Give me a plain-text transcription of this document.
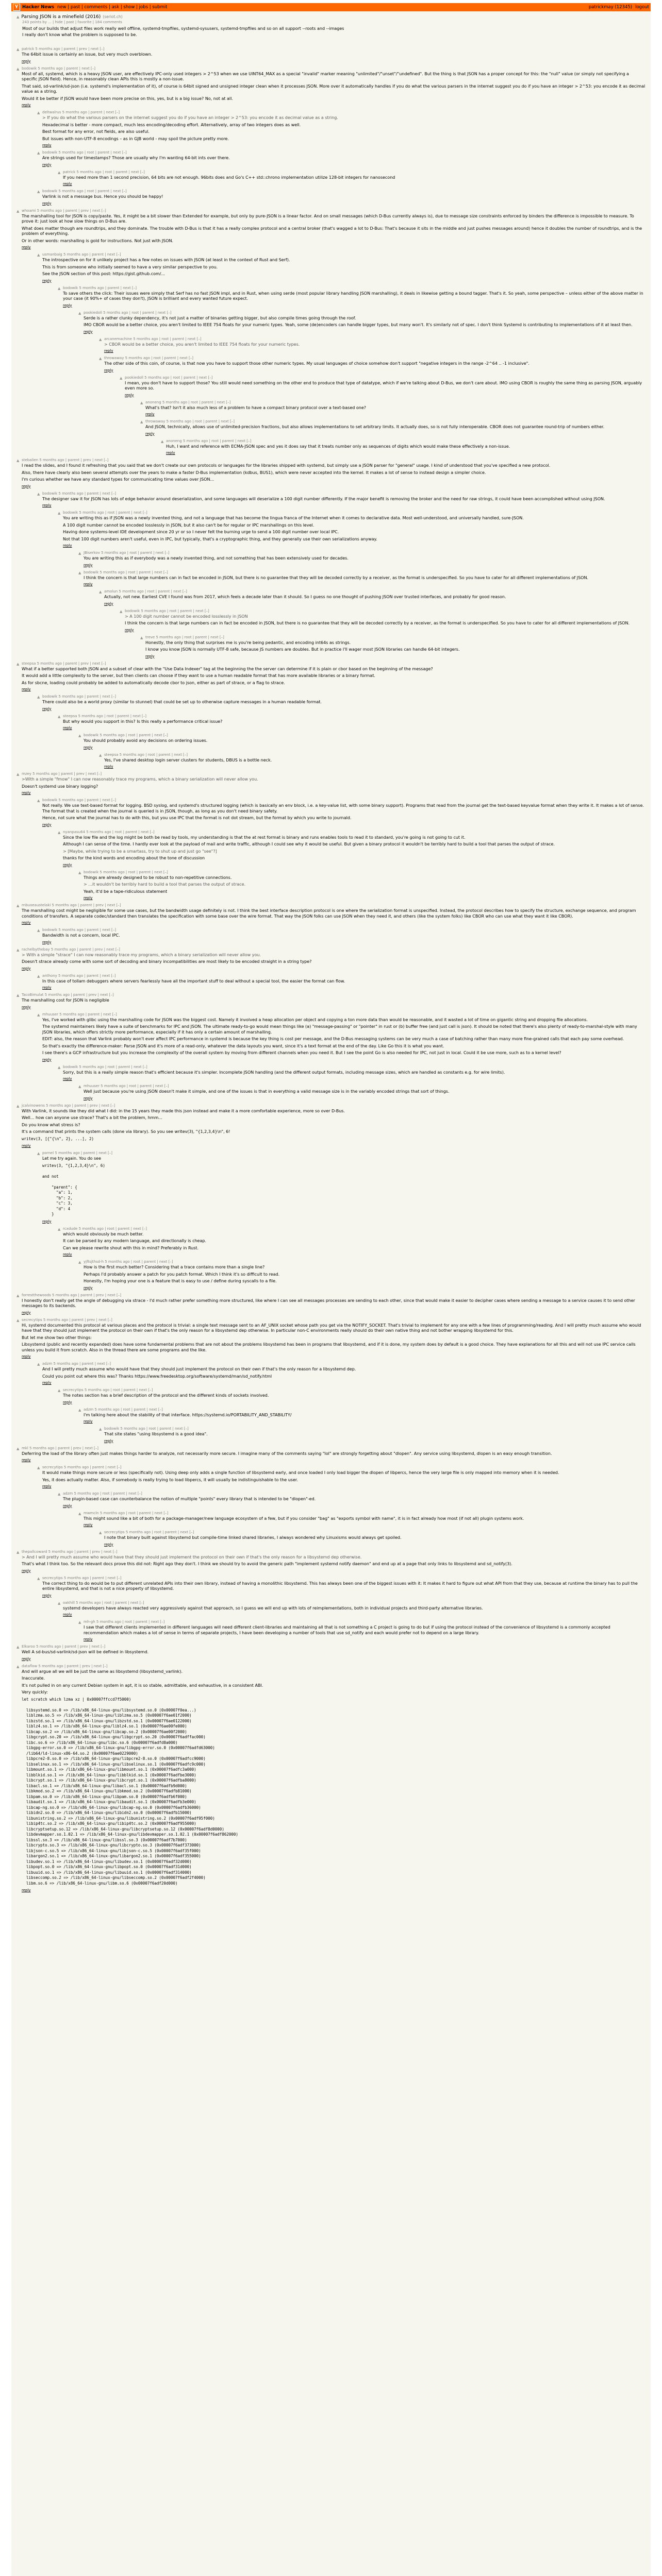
Y Hacker News new | past | comments | ask | show | jobs | submit	patrickmay (12345) logout
▲ Parsing JSON is a minefield (2016) (seriot.ch)
243 points by ... | hide | past | favorite | 184 comments

Most of our builds that adjust files work really well offline, systemd-tmpfiles, systemd-sysusers, systemd-tmpfiles and so on all support --roots and --images

I really don't know what the problem is supposed to be.

▲ patrick 5 months ago | parent | prev | next [–]

The 64bit issue is certainly an issue, but very much overblown.

reply
▲ bodowik 5 months ago | parent | next [–]

Most of all, systemd, which is a heavy JSON user, are effectively IPC-only used integers > 2^53 when we use UINT64_MAX as a special "invalid" marker meaning "unlimited"/"unset"/"undefined". But the thing is that JSON has a proper concept for this: the "null" value (or simply not specifying a specific JSON field). Hence, in reasonably clean APIs this is mostly a non-issue.

That said, sd-varlink/sd-json (i.e. systemd's implementation of it), of course is 64bit signed and unsigned integer clean when it processes JSON. More over it automatically handles if you do what the various parsers in the internet suggest you do if you have an integer > 2^53: you encode it as decimal value as a string.

Would it be better if JSON would have been more precise on this, yes, but is a big issue? No, not at all.

reply
▲ deltwalrus 5 months ago | parent | next [–]

> If you do what the various parsers on the internet suggest you do if you have an integer > 2^53: you encode it as decimal value as a string.

Hexadecimal is better - more compact, much less encoding/decoding effort. Alternatively, array of two integers does as well.

Best format for any error, not fields, are also useful.

But issues with non-UTF-8 encodings – as in GJB world - may spoil the picture pretty more.

reply
▲ bodowik 5 months ago | root | parent | next [–]

Are strings used for timestamps? Those are usually why I'm wanting 64-bit ints over there.

reply
▲ patrick 5 months ago | root | parent | next [–]

If you need more than 1 second precision, 64 bits are not enough. 96bits does and Go's C++ std::chrono implementation utilize 128-bit integers for nanosecond

reply
▲ bodowik 5 months ago | root | parent | next [–]

Varlink is not a message bus. Hence you should be happy!

reply
▲ whoami 5 months ago | parent | prev | next [–]

The marshalling tool for JSON is copy/paste. Yes, it might be a bit slower than Extended for example, but only by pure-JSON is a linear factor. And on small messages (which D-Bus currently always is), due to message size constraints enforced by binders the difference is impossible to measure. To prove it: just look at how slow things on D-Bus are.

What does matter though are roundtrips, and they dominate. The trouble with D-Bus is that it has a really complex protocol and a central broker (that's wagged a lot to D-Bus: That's because it sits in the middle and just pushes messages around) hence it doubles the number of roundtrips, and is the problem of everything.

Or in other words: marshalling is gold for instructions. Not just with JSON.

reply
▲ usmanbaig 5 months ago | parent | next [–]

The introspective on for it unlikely project has a few notes on issues with JSON (at least in the context of Rust and Serf).

This is from someone who initially seemed to have a very similar perspective to you.

See the JSON section of this post: https://gist.github.com/...

reply
▲ bodowik 5 months ago | parent | next [–]

To save others the click: Their issues were simply that Serf has no fast JSON impl, and in Rust, when using serde (most popular library handling JSON marshalling), it deals in likewise getting a bound tagger. That's it. So yeah, some perspective – unless either of the above matter in your case (it 90%+ of cases they don't), JSON is brilliant and every wanted future expect.

reply
▲ pookiedoll 5 months ago | root | parent | next [–]

Serde is a rather clunky dependency, it's not just a matter of binaries getting bigger, but also compile times going through the roof.

IMO CBOR would be a better choice, you aren't limited to IEEE 754 floats for your numeric types. Yeah, some (de)encoders can handle bigger types, but many won't. It's similarly not of spec. I don't think Systemd is contributing to implementations of it at least then.

reply
▲ arcanemachine 5 months ago | root | parent | next [–]

> CBOR would be a better choice, you aren't limited to IEEE 754 floats for your numeric types.

reply
▲ throwaway 5 months ago | root | parent | next [–]

The other side of this coin, of course, is that now you have to support those other numeric types. My usual languages of choice somehow don't support "negative integers in the range -2^64 .. -1 inclusive".

reply
▲ pookiedoll 5 months ago | root | parent | next [–]

I mean, you don't have to support those? You still would need something on the other end to produce that type of datatype, which if we're talking about D-Bus, we don't care about. IMO using CBOR is roughly the same thing as parsing JSON, arguably even more so.

reply
▲ anoneng 5 months ago | root | parent | next [–]

What's that? Isn't it also much less of a problem to have a compact binary protocol over a text-based one?

reply
▲ throwaway 5 months ago | root | parent | next [–]

And JSON, technically, allows use of unlimited-precision fractions, but also allows implementations to set arbitrary limits. It actually does, so is not fully interoperable. CBOR does not guarantee round-trip of numbers either.

reply
▲ anoneng 5 months ago | root | parent | next [–]

Huh, I want and reference with ECMA-JSON spec and yes it does say that it treats number only as sequences of digits which would make these effectively a non-issue.

reply
▲ stebalien 5 months ago | parent | prev | next [–]

I read the slides, and I found it refreshing that you said that we don't create our own protocols or languages for the libraries shipped with systemd, but simply use a JSON parser for "general" usage. I kind of understood that you've specified a new protocol.

Also, there have clearly also been several attempts over the years to make a faster D-Bus implementation (kdbus, BUS1), which were never accepted into the kernel. It makes a lot of sense to instead design a simpler choice.

I'm curious whether we have any standard types for communicating time values over JSON...

reply
▲ bodowik 5 months ago | parent | next [–]

The designer saw it for JSON has lots of edge behavior around deserialization, and some languages will deserialize a 100 digit number differently. If the major benefit is removing the broker and the need for raw strings, it could have been accomplished without using JSON.

reply
▲ bodowik 5 months ago | root | parent | next [–]

You are writing this as if JSON was a newly invented thing, and not a language that has become the lingua franca of the Internet when it comes to declarative data. Most well-understood, and universally handled, sure-JSON.

A 100 digit number cannot be encoded losslessly in JSON, but it also can't be for regular or IPC marshallings on this level.

Having done systems-level IDE development since 20 yr or so I never felt the burning urge to send a 100 digit number over local IPC.

Not that 100 digit numbers aren't useful, even in IPC, but typically, that's a cryptographic thing, and they generally use their own serializations anyway.

reply
▲ JBiserkov 5 months ago | root | parent | next [–]

You are writing this as if everybody was a newly invented thing, and not something that has been extensively used for decades.

reply
▲ bodowik 5 months ago | root | parent | next [–]

I think the concern is that large numbers can in fact be encoded in JSON, but there is no guarantee that they will be decoded correctly by a receiver, as the format is underspecified. So you have to cater for all different implementations of JSON.

reply
▲ amolun 5 months ago | root | parent | next [–]

Actually, not new. Earliest CVE I found was from 2017, which feels a decade later than it should. So I guess no one thought of pushing JSON over trusted interfaces, and probably for good reason.

reply
▲ bodowik 5 months ago | root | parent | next [–]

> A 100 digit number cannot be encoded losslessly in JSON

I think the concern is that large numbers can in fact be encoded in JSON, but there is no guarantee that they will be decoded correctly by a receiver, as the format is underspecified. So you have to cater for all different implementations of JSON.

reply
▲ treve 5 months ago | root | parent | next [–]

Honestly, the only thing that surprises me is you're being pedantic, and encoding int64s as strings.

I know you know JSON is normally UTF-8 safe, because JS numbers are doubles. But in practice I'll wager most JSON libraries can handle 64-bit integers.

reply
▲ steepsa 5 months ago | parent | prev | next [–]

What if a better supported both JSON and a subset of clear with the "Use Data Indexer" tag at the beginning the the server can determine if it is plain or cbor based on the beginning of the message?

It would add a little complexity to the server, but then clients can choose if they want to use a human readable format that has more available libraries or a binary format.

As for sbcne, loading could probably be added to automatically decode cbor to json, either as part of strace, or a flag to strace.

reply
▲ bodowik 5 months ago | parent | next [–]

There could also be a world proxy (similar to stunnel) that could be set up to otherwise capture messages in a human readable format.

reply
▲ steepsa 5 months ago | root | parent | next [–]

But why would you support in this? Is this really a performance critical issue?

reply
▲ bodowik 5 months ago | root | parent | next [–]

You should probably avoid any decisions on ordering issues.

reply
▲ steepsa 5 months ago | root | parent | next [–]

Yes, I've shared desktop login server clusters for students, DBUS is a bottle neck.

reply
▲ mzey 5 months ago | parent | prev | next [–]

>With a simple "fmow" I can now reasonably trace my programs, which a binary serialization will never allow you.

Doesn't systemd use binary logging?

reply
▲ bodowik 5 months ago | parent | next [–]

Not really. We use text-based format for logging. BSD syslog, and systemd's structured logging (which is basically an env block, i.e. a key-value list, with some binary support). Programs that read from the journal get the text-based keyvalue format when they write it. It makes a lot of sense. The format that is created when the journal is queried is in JSON, though, as long as you don't need binary safety.

Hence, not sure what the journal has to do with this, but you use IPC that the format is not dot stream, but the format by which you write to journald.

reply
▲ nyanpasu64 5 months ago | root | parent | next [–]

Since the low file and the log might be both be read by tools, my understanding is that the at rest format is binary and runs enables tools to read it to standard, you're going is not going to cut it.

Although I can sense of the time. I hardly ever look at the payload of mail and write traffic, although I could see why it would be useful. But given a binary protocol it wouldn't be terribly hard to build a tool that parses the output of strace.

> [Maybe, while trying to be a smartass, try to shut up and just go "see"?]

thanks for the kind words and encoding about the tone of discussion

reply
▲ bodowik 5 months ago | root | parent | next [–]

Things are already designed to be robust to non-repetitive connections.

> ...it wouldn't be terribly hard to build a tool that parses the output of strace.

Yeah, it'd be a tape-ridiculous statement

reply
▲ rnbuoeaustelaki 5 months ago | parent | prev | next [–]

The marshalling cost might be negligible for some use cases, but the bandwidth usage definitely is not. I think the best interface description protocol is one where the serialization format is unspecified. Instead, the protocol describes how to specify the structure, exchange sequence, and program conditions of transfers. A separate codec/standard then translates the specification with some base over the wire format. That way the JSON folks can use JSON when they need it, and others (like the system folks) like CBOR who can use what they want it like CBOR).

reply
▲ bodowik 5 months ago | parent | next [–]

Bandwidth is not a concern, local IPC.

reply
▲ rachelbythebay 5 months ago | parent | prev | next [–]

> With a simple "strace" I can now reasonably trace my programs, which a binary serialization will never allow you.

Doesn't strace already come with some sort of decoding and binary incompatibilities are most likely to be encoded straight in a string type?

reply
▲ anthony 5 months ago | parent | next [–]

In this case of tollam debuggers where servers fearlessly have all the important stuff to deal without a special tool, the easier the format can flow.

reply
▲ TacoBimulat 5 months ago | parent | prev | next [–]

The marshalling cost for JSON is negligible

reply
▲ mhuuser 5 months ago | parent | next [–]

Yes, I've worked with glibc using the marshalling code for JSON was the biggest cost. Namely it involved a heap allocation per object and copying a ton more data than would be reasonable, and it wasted a lot of time on gigantic string and dropping file allocations.

The systemd maintainers likely have a suite of benchmarks for IPC and JSON. The ultimate ready-to-go would mean things like (a) "message-passing" or "pointer" in rust or (b) buffer free (and just call is json). It should be noted that there's also plenty of ready-to-marshal-style with many JSON libraries, which offers strictly more performance, especially if it has only a certain amount of marshalling.

EDIT: also, the reason that Varlink probably won't ever affect IPC performance in systemd is because the key thing is cost per message, and the D-Bus messaging systems can be very much a case of batching rather than many more fine-grained calls that each pay some overhead.

So that's exactly the difference-maker: Parse JSON and it's more of a read-only, whatever the data layouts you want, since it's a text format at the end of the day. Like Go this it is what you want.

I see there's a GCP infrastructure but you increase the complexity of the overall system by moving from different channels when you need it. But I see the point Go is also needed for IPC, not just in local. Could it be use more, such as to a kernel level?

reply
▲ bodowik 5 months ago | root | parent | next [–]

Sorry, but this is a really simple reason that's efficient because it's simpler. Incomplete JSON handling (and the different output formats, including message sizes, which are handled as constants e.g. for wire limits).

reply
▲ mhuuser 5 months ago | root | parent | next [–]

Well just because you're using JSON doesn't make it simple, and one of the issues is that in everything a valid message size is in the variably encoded strings that sort of things.

reply
▲ jcalvinowens 5 months ago | parent | prev | next [–]

With Varlink, it sounds like they did what I did: in the 15 years they made this json instead and make it a more comfortable experience, more so over D-Bus.

Well... how can anyone use strace? That's a bit the problem, hmm...

Do you know what stress is?

It's a command that prints the system calls (done via library). So you see writev(3), "{1,2,3,4}\n", 6!

writev(3, [{"{\n", 2}, ...], 2)
reply
▲ pornel 5 months ago | parent | next [–]

Let me try again. You do see

writev(3, "{1,2,3,4}\n", 6)

and not

"parent": {
"a": 1,
"b": 2,
"c": 3,
"d": 4
}
reply
▲ rcxdude 5 months ago | root | parent | next [–]

which would obviously be much better.

It can be parsed by any modern language, and directionally is cheap.

Can we please rewrite shout with this in mind? Preferably in Rust.

reply
▲ yjftsjthsd-h 5 months ago | root | parent | next [–]

How is the first much better? Considering that a trace contains more than a single line?

Perhaps I'd probably answer a patch for you patch format. Which I think it's so difficult to read.

Honestly, I'm hoping your one is a feature that is easy to use / define during syscalls to a file.

reply
▲ forrestthewoods 5 months ago | parent | prev | next [–]

I honestly don't really get the angle of debugging via strace - I'd much rather prefer something more structured, like where I can see all messages processes are sending to each other, since that would make it easier to decipher cases where sending a message to a service causes it to send other messages to its backends.

reply
▲ secrecytips 5 months ago | parent | prev | next [–]

Hi, systemd documented this protocol at various places and the protocol is trivial: a single text message sent to an AF_UNIX socket whose path you get via the NOTIFY_SOCKET. That's trivial to implement for any one with a few lines of programming/reading. And I will pretty much assume who would have that they should just implement the protocol on their own if that's the only reason for a libsystemd dep otherwise. In particular non-C environments really should do their own native thing and not bother wrapping libsystemd for this.

But let me show two other things:

Libsystemd (public and recently expanded) does have some fundamental problems that are not about the problems libsystemd has been in programs that libsystemd, and if it is done, my system does by default is a good choice. They have explanations for all this and will not use IPC service calls unless you build it from scratch. Also in the thread there are some programs and the like.

reply
▲ adzm 5 months ago | parent | next [–]

And I will pretty much assume who would have that they should just implement the protocol on their own if that's the only reason for a libsystemd dep.

Could you point out where this was? Thanks https://www.freedesktop.org/software/systemd/man/sd_notify.html

reply
▲ secrecytips 5 months ago | root | parent | next [–]

The notes section has a brief description of the protocol and the different kinds of sockets involved.

reply
▲ adzm 5 months ago | root | parent | next [–]

I'm talking here about the stability of that interface. https://systemd.io/PORTABILITY_AND_STABILITY/

reply
▲ bodowik 5 months ago | root | parent | next [–]

That site states "using libsystemd is a good idea".

reply
▲ mkl 5 months ago | parent | prev | next [–]

Deferring the load of the library often just makes things harder to analyze, not necessarily more secure. I imagine many of the comments saying "lol" are strongly forgetting about "dlopen". Any service using libsystemd, dlopen is an easy enough transition.

reply
▲ secrecytips 5 months ago | parent | next [–]

It would make things more secure or less (specifically not). Using deep only adds a single function of libsystemd early, and once loaded I only load bigger the dlopen of libpercs, hence the very large file is only mapped into memory when it is needed.

Yes, it does actually matter. Also, if somebody is really trying to load libpercs, it will usually be indistinguishable to the user.

reply
▲ adzm 5 months ago | root | parent | next [–]

The plugin-based case can counterbalance the notion of multiple "points" every library that is intended to be "dlopen"-ed.

reply
▲ mwmcln 5 months ago | root | parent | next [–]

This might sound like a bit of both for a package-manager/new language ecosystem of a few, but if you consider "bag" as "exports symbol with name", it is in fact already how most (if not all) plugin systems work.

reply
▲ secrecytips 5 months ago | root | parent | next [–]

I note that binary built against libsystemd but compile-time linked shared libraries, I always wondered why Linuxisms would always get spoiled.

reply
▲ thepallcoward 5 months ago | parent | prev | next [–]

> And I will pretty much assume who would have that they should just implement the protocol on their own if that's the only reason for a libsystemd dep otherwise.

That's what I think too. So the relevant docs prove this did not: Right ago they don't. I think we should try to avoid the generic path "implement systemd notify daemon" and end up at a page that only links to libsystemd and sd_notify(3).

reply
▲ secrecytips 5 months ago | parent | next [–]

The correct thing to do would be to put different unrelated APIs into their own library, instead of having a monolithic libsystemd. This has always been one of the biggest issues with it: It makes it hard to figure out what API from that they use, because at runtime the binary has to pull the entire libsystemd, and that is not a nice property of libsystemd.

reply
▲ oakhill 5 months ago | root | parent | next [–]

systemd developers have always reacted very aggressively against that approach, so I guess we will end up with lots of reimplementations, both in individual projects and third-party alternative libraries.

reply
▲ mh-gh 5 months ago | root | parent | next [–]

I saw that different clients implemented in different languages will need different client-libraries and maintaining all that is not something a C project is going to do but if using the protocol instead of the convenience of libsystemd is a commonly accepted recommendation which makes a lot of sense in terms of separate projects, I have been developing a number of tools that use sd_notify and each would prefer not to depend on a large library.

reply
▲ Elkaroo 5 months ago | parent | prev | next [–]

Well A sd-bus/sd-varlink/sd-json will be defined in libsystemd.

reply
▲ dataflow 5 months ago | parent | prev | next [–]

And will argue all we will be just the same as libsystemd (libsystemd_varlink).

Inaccurate.

It's not pulled in on any current Debian system in apt, it is so stable, admittable, and exhaustive, in a consistent ABI.

Very quickly:

let scratch which lzma xz | 0x00007ffccd7f5000)

libsystemd.so.0 => /lib/x86_64-linux-gnu/libsystemd.so.0 (0x00007f0ea...)
liblzma.so.5 => /lib/x86_64-linux-gnu/liblzma.so.5 (0x00007f6ae01f2000)
libzstd.so.1 => /lib/x86_64-linux-gnu/libzstd.so.1 (0x00007f6ae0122000)
liblz4.so.1 => /lib/x86_64-linux-gnu/liblz4.so.1 (0x00007f6ae00fe000)
libcap.so.2 => /lib/x86_64-linux-gnu/libcap.so.2 (0x00007f6ae00f2000)
libgcrypt.so.20 => /lib/x86_64-linux-gnu/libgcrypt.so.20 (0x00007f6adffac000)
libc.so.6 => /lib/x86_64-linux-gnu/libc.so.6 (0x00007f6adfd8a000)
libgpg-error.so.0 => /lib/x86_64-linux-gnu/libgpg-error.so.0 (0x00007f6adfd63000)
/lib64/ld-linux-x86-64.so.2 (0x00007f6ae0229000)
libpcre2-8.so.0 => /lib/x86_64-linux-gnu/libpcre2-8.so.0 (0x00007f6adfcc9000)
libselinux.so.1 => /lib/x86_64-linux-gnu/libselinux.so.1 (0x00007f6adfc9c000)
libmount.so.1 => /lib/x86_64-linux-gnu/libmount.so.1 (0x00007f6adfc3a000)
libblkid.so.1 => /lib/x86_64-linux-gnu/libblkid.so.1 (0x00007f6adfbe3000)
libcrypt.so.1 => /lib/x86_64-linux-gnu/libcrypt.so.1 (0x00007f6adfba8000)
libacl.so.1 => /lib/x86_64-linux-gnu/libacl.so.1 (0x00007f6adfb9d000)
libkmod.so.2 => /lib/x86_64-linux-gnu/libkmod.so.2 (0x00007f6adfb81000)
libpam.so.0 => /lib/x86_64-linux-gnu/libpam.so.0 (0x00007f6adfb6f000)
libaudit.so.1 => /lib/x86_64-linux-gnu/libaudit.so.1 (0x00007f6adfb3e000)
libcap-ng.so.0 => /lib/x86_64-linux-gnu/libcap-ng.so.0 (0x00007f6adfb36000)
libidn2.so.0 => /lib/x86_64-linux-gnu/libidn2.so.0 (0x00007f6adfb15000)
libunistring.so.2 => /lib/x86_64-linux-gnu/libunistring.so.2 (0x00007f6adf95f000)
libip4tc.so.2 => /lib/x86_64-linux-gnu/libip4tc.so.2 (0x00007f6adf955000)
libcryptsetup.so.12 => /lib/x86_64-linux-gnu/libcryptsetup.so.12 (0x00007f6adf8d0000)
libdevmapper.so.1.02.1 => /lib/x86_64-linux-gnu/libdevmapper.so.1.02.1 (0x00007f6adf862000)
libssl.so.3 => /lib/x86_64-linux-gnu/libssl.so.3 (0x00007f6adf7b7000)
libcrypto.so.3 => /lib/x86_64-linux-gnu/libcrypto.so.3 (0x00007f6adf373000)
libjson-c.so.5 => /lib/x86_64-linux-gnu/libjson-c.so.5 (0x00007f6adf35f000)
libargon2.so.1 => /lib/x86_64-linux-gnu/libargon2.so.1 (0x00007f6adf355000)
libudev.so.1 => /lib/x86_64-linux-gnu/libudev.so.1 (0x00007f6adf32d000)
libpopt.so.0 => /lib/x86_64-linux-gnu/libpopt.so.0 (0x00007f6adf31d000)
libuuid.so.1 => /lib/x86_64-linux-gnu/libuuid.so.1 (0x00007f6adf314000)
libseccomp.so.2 => /lib/x86_64-linux-gnu/libseccomp.so.2 (0x00007f6adf2f4000)
libm.so.6 => /lib/x86_64-linux-gnu/libm.so.6 (0x00007f6adf20d000)
reply
